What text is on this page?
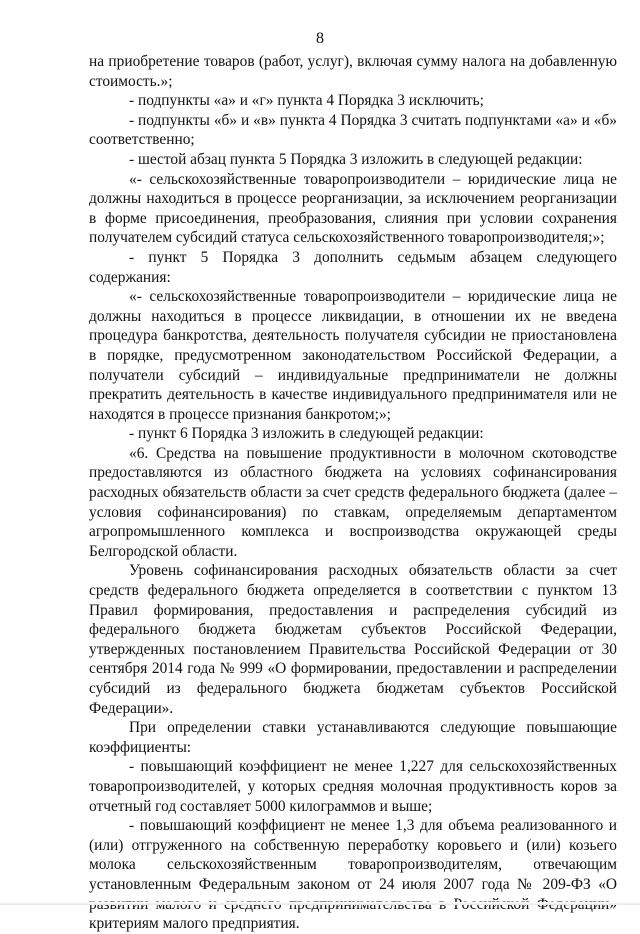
8

на приобретение товаров (работ, услуг), включая сумму налога на добавленную стоимость.»;

- подпункты «а» и «г» пункта 4 Порядка 3 исключить;

- подпункты «б» и «в» пункта 4 Порядка 3 считать подпунктами «а» и «б» соответственно;

- шестой абзац пункта 5 Порядка 3 изложить в следующей редакции:

«- сельскохозяйственные товаропроизводители – юридические лица не должны находиться в процессе реорганизации, за исключением реорганизации в форме присоединения, преобразования, слияния при условии сохранения получателем субсидий статуса сельскохозяйственного товаропроизводителя;»;

- пункт 5 Порядка 3 дополнить седьмым абзацем следующего содержания:

«- сельскохозяйственные товаропроизводители – юридические лица не должны находиться в процессе ликвидации, в отношении их не введена процедура банкротства, деятельность получателя субсидии не приостановлена в порядке, предусмотренном законодательством Российской Федерации, а получатели субсидий – индивидуальные предприниматели не должны прекратить деятельность в качестве индивидуального предпринимателя или не находятся в процессе признания банкротом;»;

- пункт 6 Порядка 3 изложить в следующей редакции:

«6. Средства на повышение продуктивности в молочном скотоводстве предоставляются из областного бюджета на условиях софинансирования расходных обязательств области за счет средств федерального бюджета (далее – условия софинансирования) по ставкам, определяемым департаментом агропромышленного комплекса и воспроизводства окружающей среды Белгородской области.

Уровень софинансирования расходных обязательств области за счет средств федерального бюджета определяется в соответствии с пунктом 13 Правил формирования, предоставления и распределения субсидий из федерального бюджета бюджетам субъектов Российской Федерации, утвержденных постановлением Правительства Российской Федерации от 30 сентября 2014 года № 999 «О формировании, предоставлении и распределении субсидий из федерального бюджета бюджетам субъектов Российской Федерации».

При определении ставки устанавливаются следующие повышающие коэффициенты:

- повышающий коэффициент не менее 1,227 для сельскохозяйственных товаропроизводителей, у которых средняя молочная продуктивность коров за отчетный год составляет 5000 килограммов и выше;

- повышающий коэффициент не менее 1,3 для объема реализованного и (или) отгруженного на собственную переработку коровьего и (или) козьего молока сельскохозяйственным товаропроизводителям, отвечающим установленным Федеральным законом от 24 июля 2007 года № 209-ФЗ «О критериям малого предприятия.
